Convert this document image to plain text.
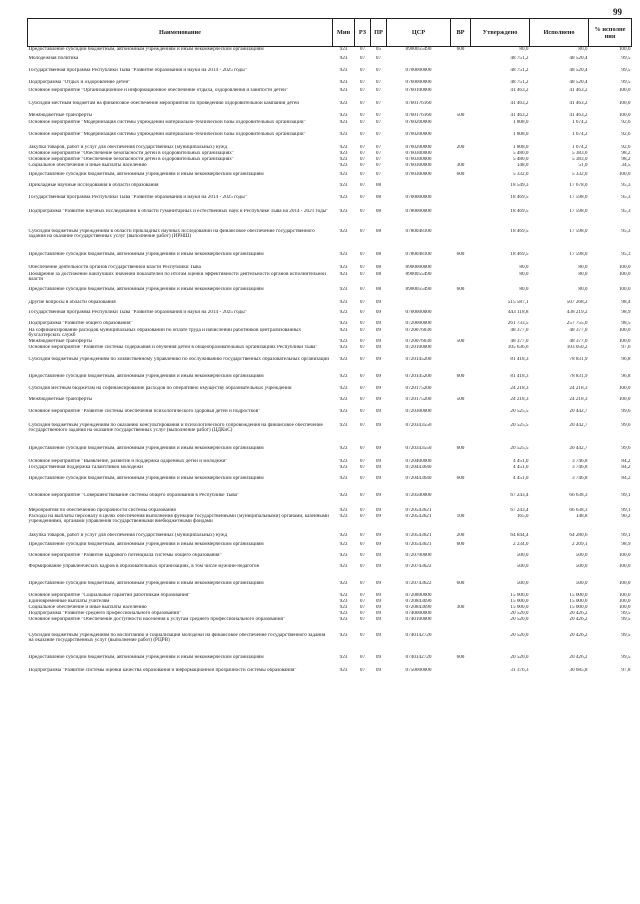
99
Наименование	Мин	РЗ	ПР	ЦСР	ВР	Утверждено	Исполнено	% исполне ния
Предоставление субсидий бюджетным, автономным учреждениям и иным некоммерческим организациям	923	07	05	8900055490	600	80,0	80,0	100,0
Молодежная политика	923	07	07			48 751,2	48 520,4	99,5
Государственная программа Республики Тыва "Развитие образования и науки на 2014 - 2025 годы"	923	07	07	0700000000		48 751,2	48 520,4	99,5
Подпрограмма "Отдых и оздоровление детей"	923	07	07	0760000000		48 751,2	48 520,4	99,5
Основное мероприятие "Организационное и информационное обеспечение отдыха, оздоровления и занятости детей"	923	07	07	0760100000		41 463,2	41 463,2	100,0
Субсидии местным бюджетам на финансовое обеспечение мероприятий по проведению оздоровительной кампании детей	923	07	07	0760176160		41 463,2	41 463,2	100,0
Межбюджетные трансферты	923	07	07	0760176160	500	41 463,2	41 463,2	100,0
Основное мероприятие "Модернизация системы учреждений материально-технической базы оздоровительных организаций"	923	07	07	0760200000		1 808,0	1 674,2	92,6
Основное мероприятие "Модернизация системы учреждений материально-технической базы оздоровительных организаций"	923	07	07	0760200000		1 808,0	1 674,2	92,6
Закупка товаров, работ и услуг для обеспечения государственных (муниципальных) нужд	923	07	07	0760200000	200	1 808,0	1 674,2	92,6
Основное мероприятие "Обеспечение безопасности детей в оздоровительных организациях"	923	07	07	0760300000		5 480,0	5 383,0	98,2
Основное мероприятие "Обеспечение безопасности детей в оздоровительных организациях"	923	07	07	0760300000		5 480,0	5 383,0	98,2
Социальное обеспечение и иные выплаты населению	923	07	07	0760300000	300	148,0	51,0	34,5
Предоставление субсидий бюджетным, автономным учреждениям и иным некоммерческим организациям	923	07	07	0760300000	600	5 332,0	5 332,0	100,0
Прикладные научные исследования в области образования	923	07	08			18 549,3	17 678,0	95,3
Государственная программа Республики Тыва "Развитие образования и науки на 2014 - 2025 годы"	923	07	08	0700000000		18 469,5	17 598,0	95,3
Подпрограмма "Развитие научных исследований в области гуманитарных и естественных наук в Республике Тыва на 2014 - 2021 годы"	923	07	08	0780000000		18 469,5	17 598,0	95,3
Субсидии бюджетным учреждениям в области прикладных научных исследований на финансовое обеспечение государственного задания на оказание государственных услуг (выполнение работ) (ИРНШ)	923	07	08	0780048100		18 469,5	17 598,0	95,3
Предоставление субсидий бюджетным, автономным учреждениям и иным некоммерческим организациям	923	07	08	0780048100	600	18 469,5	17 598,0	95,3
Обеспечение деятельности органов государственной власти Республики Тыва	923	07	08	8900000000		80,0	80,0	100,0
Поощрение за достижение наилучших значений показателей по итогам оценки эффективности деятельности органов исполнительной власти	923	07	08	8900055490		80,0	80,0	100,0
Предоставление субсидий бюджетным, автономным учреждениям и иным некоммерческим организациям	923	07	08	8900055490	600	80,0	80,0	100,0
Другие вопросы в области образования	923	07	09			515 587,1	507 268,2	98,4
Государственная программа Республики Тыва "Развитие образования и науки на 2014 - 2025 годы"	923	07	09	0700000000		443 118,8	438 219,2	98,9
Подпрограмма "Развитие общего образования"	923	07	09	0720000000		261 733,5	257 755,0	98,5
На софинансирование расходов муниципальных образований по оплате труда и начислений работников централизованных бухгалтерских служб	923	07	09	0720076030		48 377,0	48 377,0	100,0
Межбюджетные трансферты	923	07	09	0720076030	500	48 377,0	48 377,0	100,0
Основное мероприятие "Развитие системы содержания и обучения детей в общеобразовательных организациях Республики Тыва"	923	07	09	0720100000		105 636,6	103 050,2	97,6
Субсидии бюджетным учреждениям по хозяйственному управлению по обслуживанию государственных образовательных организаций	923	07	09	0720145200		81 418,3	78 831,9	96,8
Предоставление субсидий бюджетным, автономным учреждениям и иным некоммерческим организациям	923	07	09	0720145200	600	81 418,3	78 831,9	96,8
Субсидия местным бюджетам на софинансирование расходов по оперативно имуществу образовательных учреждений	923	07	09	0720175200		24 218,3	24 218,3	100,0
Межбюджетные трансферты	923	07	09	0720175200	500	24 218,3	24 218,3	100,0
Основное мероприятие "Развитие системы обеспечения психологического здоровья детей и подростков"	923	07	09	0720300000		20 525,5	20 442,7	99,6
Субсидии бюджетным учреждениям по оказанию консультирования и психологического сопровождения на финансовое обеспечение государственного задания на оказание государственных услуг (выполнение работ) (ЦДКиС)	923	07	09	0720343550		20 525,5	20 442,7	99,6
Предоставление субсидий бюджетным, автономным учреждениям и иным некоммерческим организациям	923	07	09	0720343550	600	20 525,5	20 442,7	99,6
Основное мероприятие "Выявление, развитие и поддержка одаренных детей и молодежи"	923	07	09	0720400000		4 451,0	3 746,8	84,2
Государственная поддержка талантливой молодежи	923	07	09	0720443640		4 451,0	3 746,8	84,2
Предоставление субсидий бюджетным, автономным учреждениям и иным некоммерческим организациям	923	07	09	0720443640	600	4 451,0	3 746,8	84,2
Основное мероприятие "Совершенствование системы общего образования в Республике Тыва"	923	07	09	0720500000		67 243,4	66 638,3	99,1
Мероприятия по обеспечению прозрачности системы образования	923	07	09	0720543621		67 243,4	66 638,3	99,1
Расходы на выплаты персоналу в целях обеспечения выполнения функций государственными (муниципальными) органами, казенными учреждениями, органами управления государственными внебюджетными фондами	923	07	09	0720543621	100	165,0	148,8	90,2
Закупка товаров, работ и услуг для обеспечения государственных (муниципальных) нужд	923	07	09	0720543621	200	64 844,4	64 280,6	99,1
Предоставление субсидий бюджетным, автономным учреждениям и иным некоммерческим организациям	923	07	09	0720543621	600	2 234,0	2 209,1	98,9
Основное мероприятие "Развитие кадрового потенциала системы общего образования"	923	07	09	0720700000		500,0	500,0	100,0
Формирование управленческих кадров в образовательных организациях, в том числе мужчин-педагогов	923	07	09	0720743622		500,0	500,0	100,0
Предоставление субсидий бюджетным, автономным учреждениям и иным некоммерческим организациям	923	07	09	0720743622	600	500,0	500,0	100,0
Основное мероприятие "Социальные гарантии работникам образования"	923	07	09	0720800000		15 000,0	15 000,0	100,0
Единовременные выплаты учителям	923	07	09	0720843690		15 000,0	15 000,0	100,0
Социальное обеспечение и иные выплаты населению	923	07	09	0720843690	300	15 000,0	15 000,0	100,0
Подпрограмма "Развитие среднего профессионального образования"	923	07	09	0740000000		20 520,0	20 426,2	99,5
Основное мероприятие "Обеспечение доступности населения к услугам среднего профессионального образования"	923	07	09	0740100000		20 520,0	20 426,2	99,5
Субсидии бюджетным учреждениям по воспитанию и социализации молодежи на финансовое обеспечение государственного задания на оказание государственных услуг (выполнение работ) (РЦРВ)	923	07	09	0740142720		20 520,0	20 426,2	99,5
Предоставление субсидий бюджетным, автономным учреждениям и иным некоммерческим организациям	923	07	09	0740142720	600	20 520,0	20 426,2	99,5
Подпрограмма "Развитие системы оценки качества образования и информационной прозрачности системы образования"	923	07	09	0750000000		31 376,3	30 685,8	97,8
